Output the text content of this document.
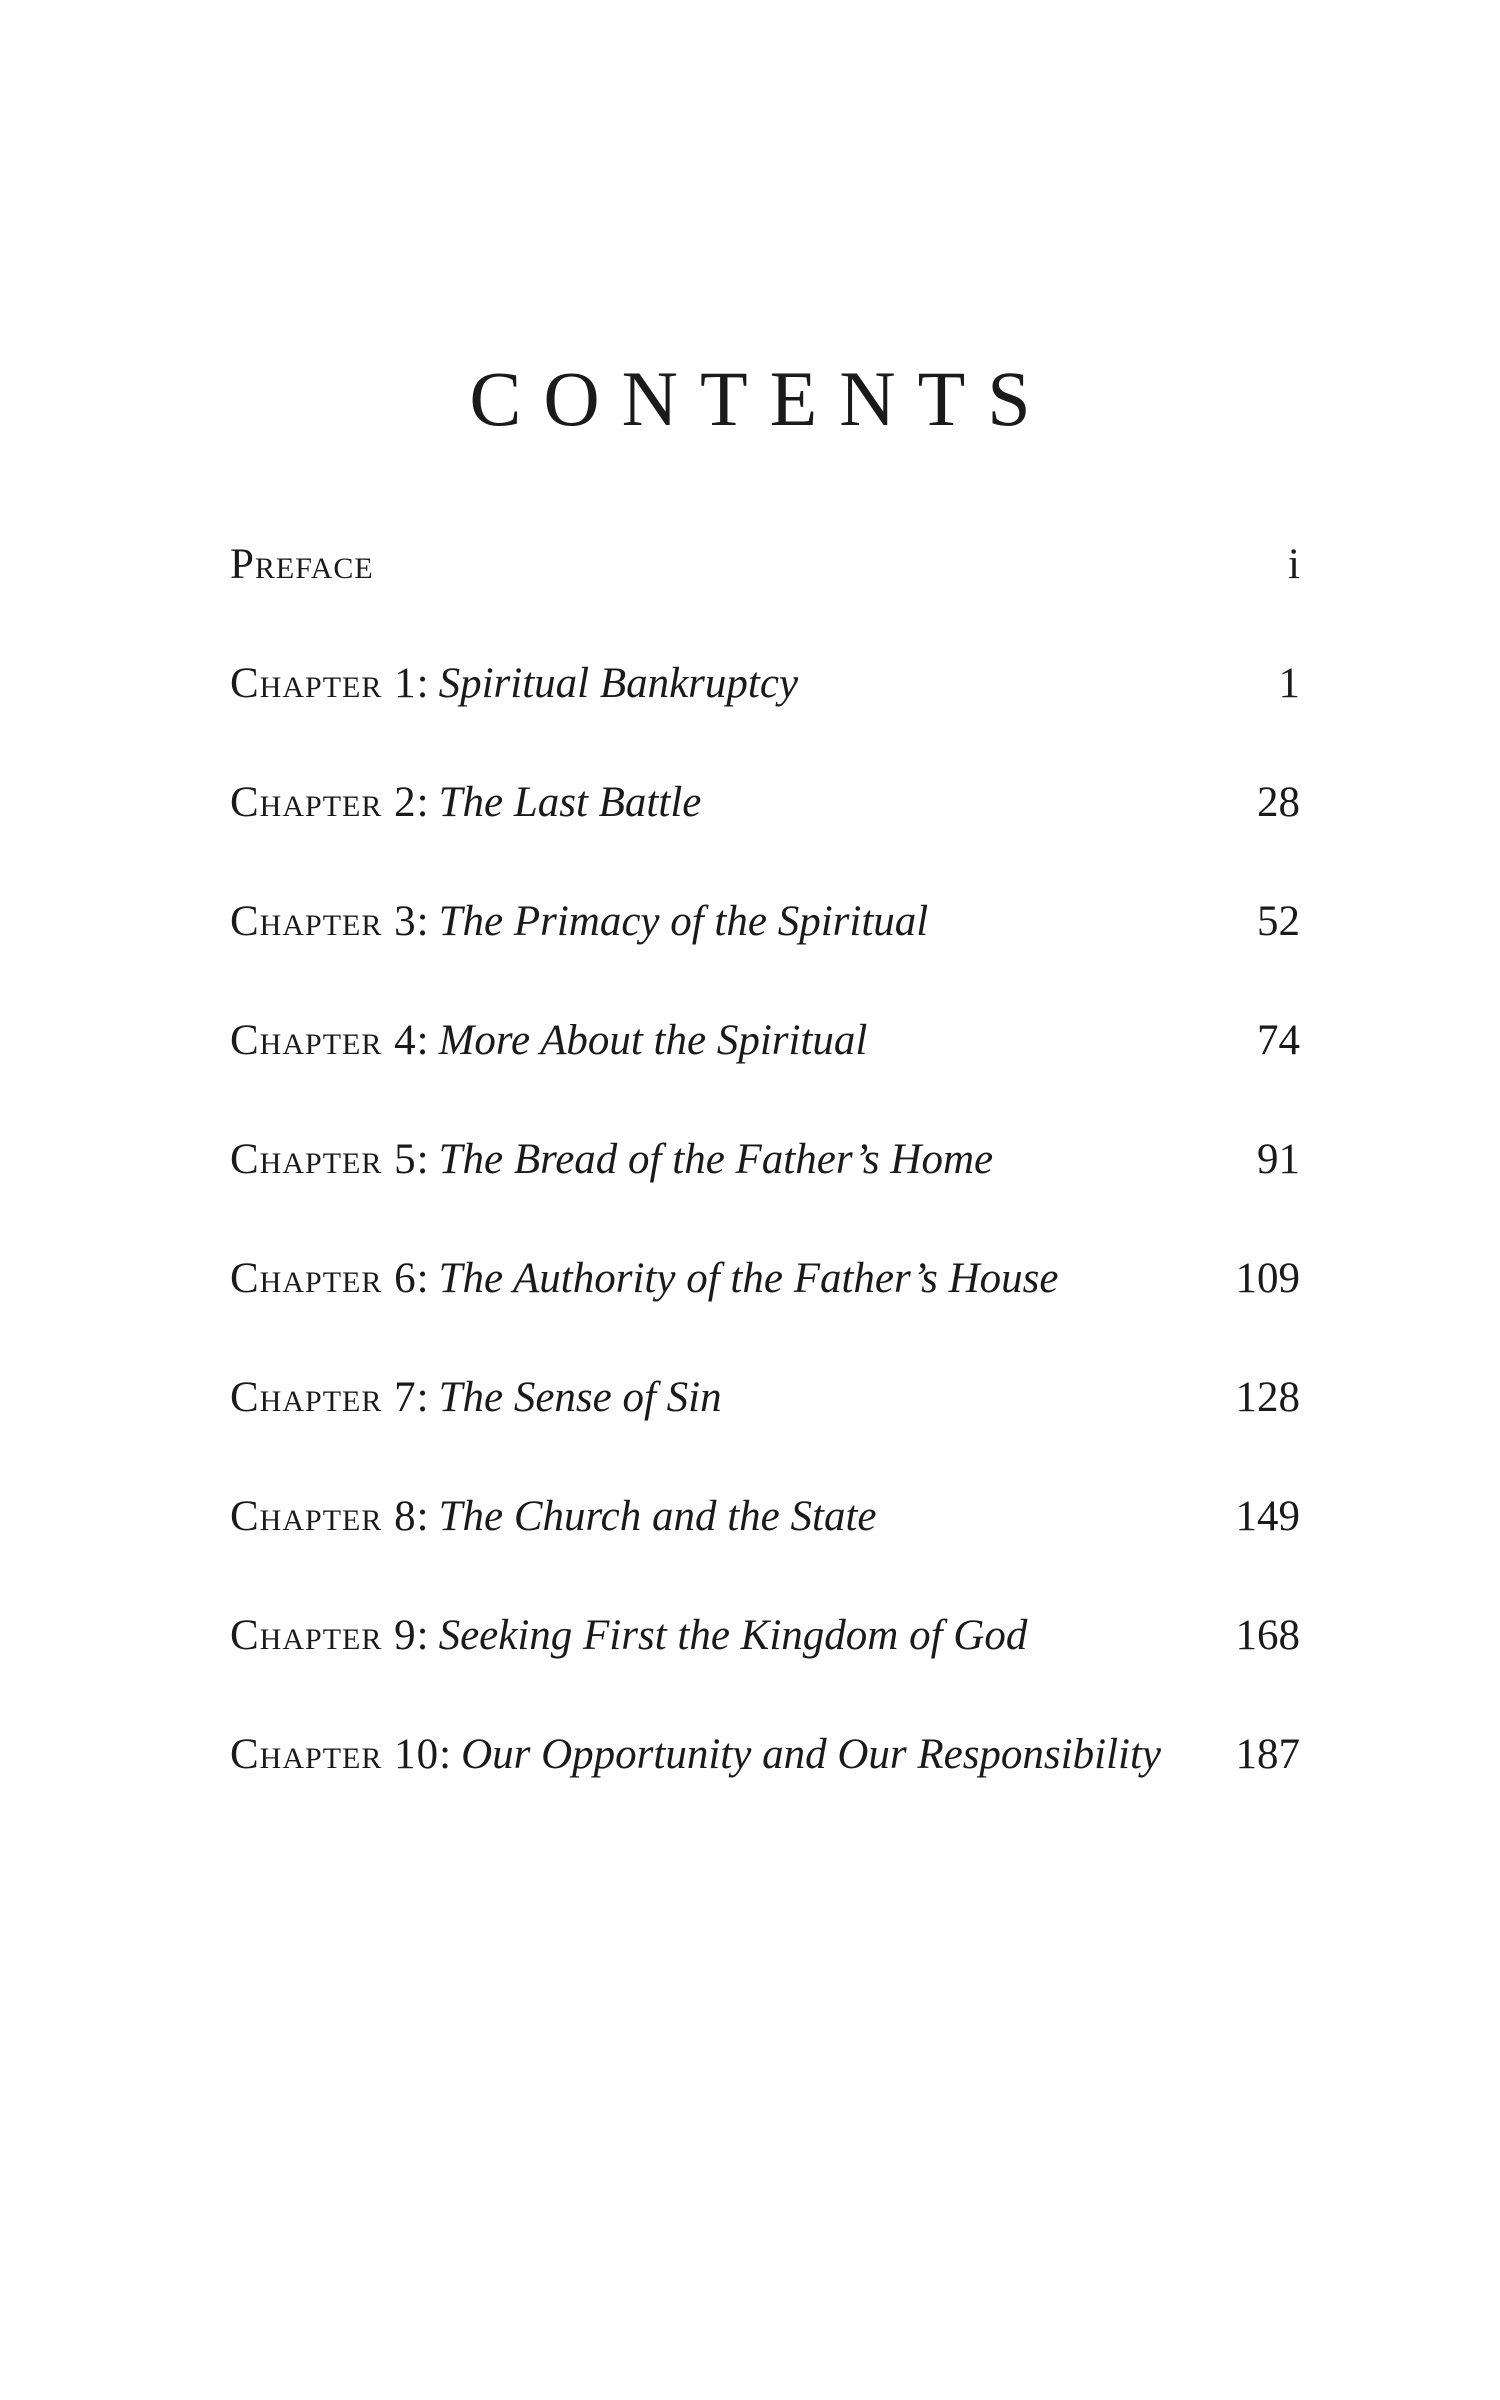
CONTENTS
Preface	i
Chapter 1 : Spiritual Bankruptcy	1
Chapter 2 : The Last Battle	28
Chapter 3 : The Primacy of the Spiritual	52
Chapter 4 : More About the Spiritual	74
Chapter 5 : The Bread of the Father’s Home	91
Chapter 6 : The Authority of the Father’s House	109
Chapter 7 : The Sense of Sin	128
Chapter 8 : The Church and the State	149
Chapter 9 : Seeking First the Kingdom of God	168
Chapter 10 : Our Opportunity and Our Responsibility 187
